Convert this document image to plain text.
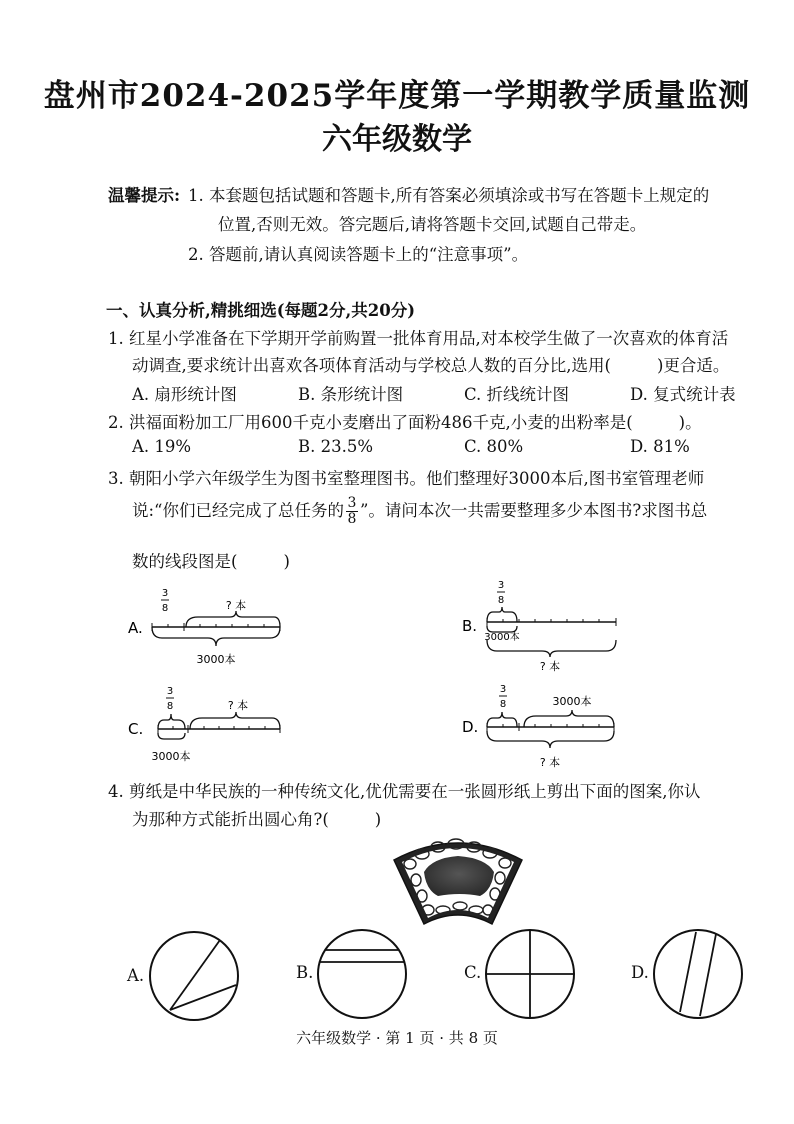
盘州市2024-2025学年度第一学期教学质量监测
六年级数学
温馨提示: 1. 本套题包括试题和答题卡,所有答案必须填涂或书写在答题卡上规定的
位置,否则无效。答完题后,请将答题卡交回,试题自己带走。
2. 答题前,请认真阅读答题卡上的“注意事项”。
一、认真分析,精挑细选(每题2分,共20分)
1. 红星小学准备在下学期开学前购置一批体育用品,对本校学生做了一次喜欢的体育活
动调查,要求统计出喜欢各项体育活动与学校总人数的百分比,选用(	)更合适。
A. 扇形统计图	B. 条形统计图	C. 折线统计图	D. 复式统计表
2. 洪福面粉加工厂用600千克小麦磨出了面粉486千克,小麦的出粉率是(	)。
A. 19%	B. 23.5%	C. 80%	D. 81%
3. 朝阳小学六年级学生为图书室整理图书。他们整理好3000本后,图书室管理老师
说:“你们已经完成了总任务的 $\frac{3}{8}$ ”。请问本次一共需要整理多少本图书?求图书总
数的线段图是(	)
A.
3
8	? 本
3000本
B.
3
8
3000本
? 本
C.
3
8	? 本
3000本
D.
3
8	3000本
? 本
4. 剪纸是中华民族的一种传统文化,优优需要在一张圆形纸上剪出下面的图案,你认
为那种方式能折出圆心角?(	)
A.	B.	C.	D.
六年级数学 · 第 1 页 · 共 8 页
